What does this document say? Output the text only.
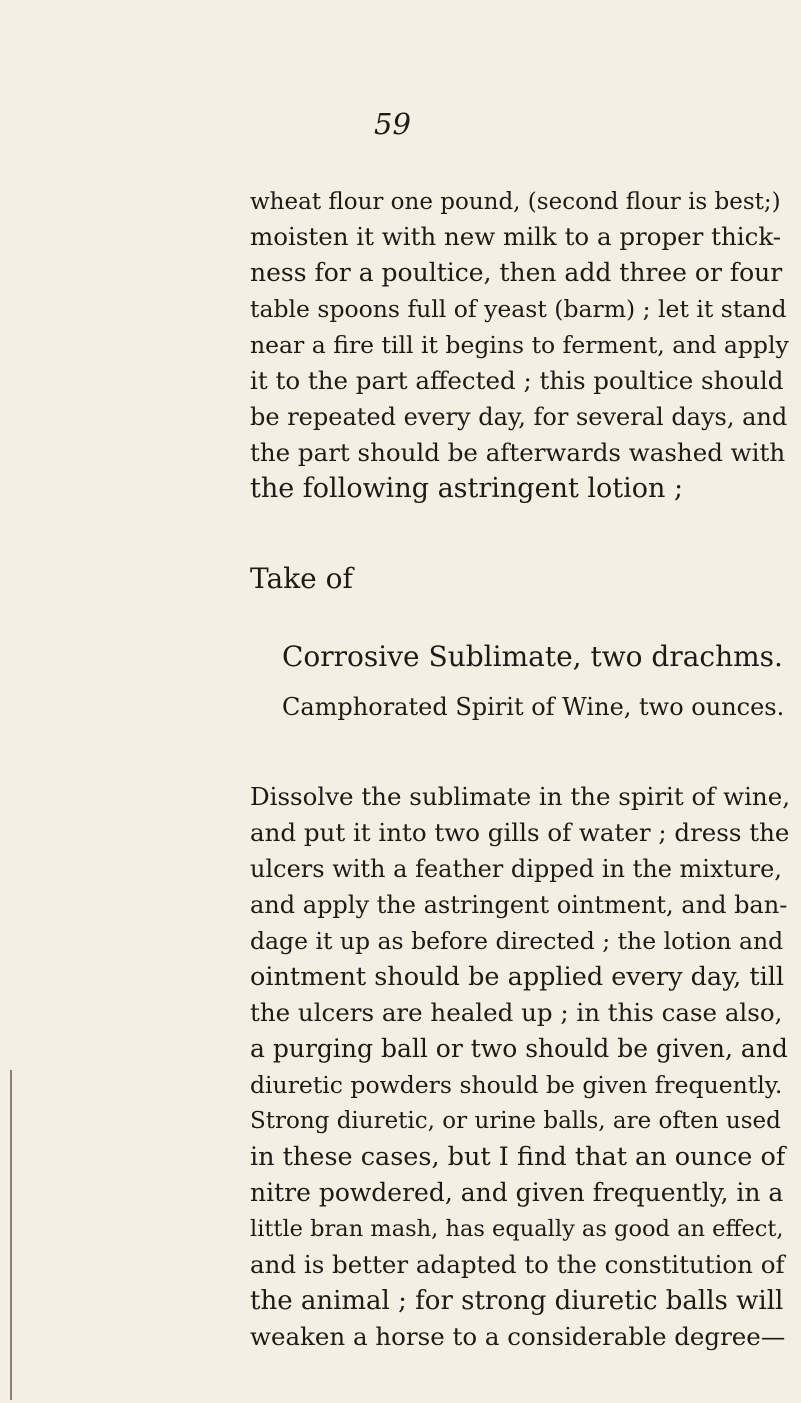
59

wheat flour one pound, (second flour is best;)

moisten it with new milk to a proper thick-

ness for a poultice, then add three or four

table spoons full of yeast (barm) ; let it stand

near a fire till it begins to ferment, and apply

it to the part affected ; this poultice should

be repeated every day, for several days, and

the part should be afterwards washed with

the following astringent lotion ;

Take of

Corrosive Sublimate, two drachms.

Camphorated Spirit of Wine, two ounces.

Dissolve the sublimate in the spirit of wine,

and put it into two gills of water ; dress the

ulcers with a feather dipped in the mixture,

and apply the astringent ointment, and ban-

dage it up as before directed ; the lotion and

ointment should be applied every day, till

the ulcers are healed up ; in this case also,

a purging ball or two should be given, and

diuretic powders should be given frequently.

Strong diuretic, or urine balls, are often used

in these cases, but I find that an ounce of

nitre powdered, and given frequently, in a

little bran mash, has equally as good an effect,

and is better adapted to the constitution of

the animal ; for strong diuretic balls will

weaken a horse to a considerable degree—
